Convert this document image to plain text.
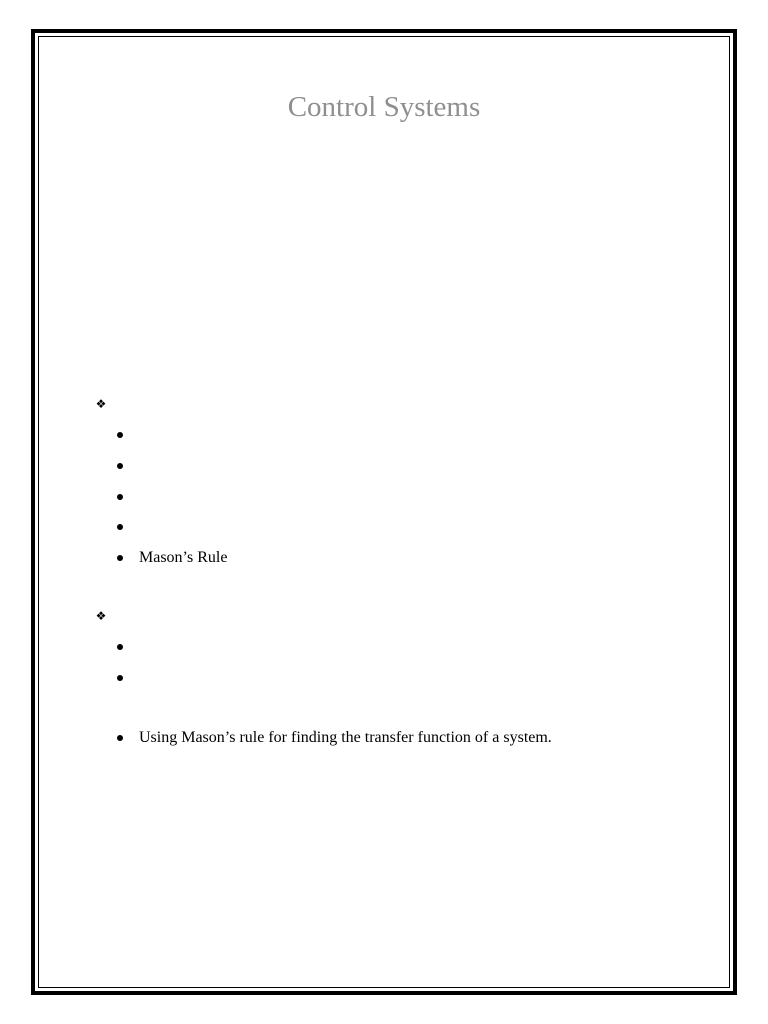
Control Systems
❖
Mason’s Rule
❖
Using Mason’s rule for finding the transfer function of a system.
